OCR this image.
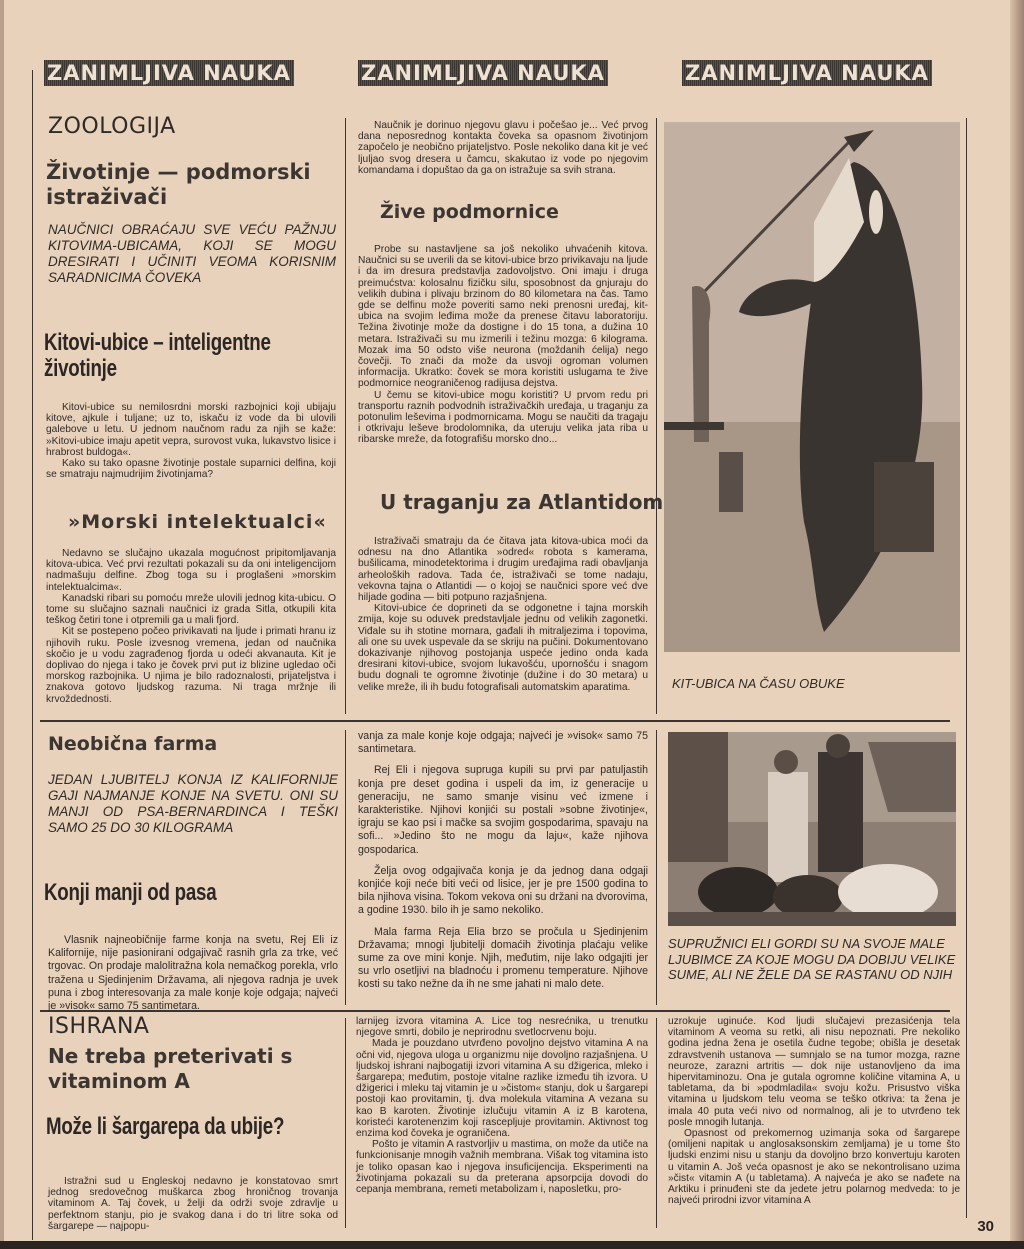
ZANIMLJIVA NAUKA	ZANIMLJIVA NAUKA	ZANIMLJIVA NAUKA
ZOOLOGIJA
Životinje — podmorski istraživači
NAUČNICI OBRAĆAJU SVE VEĆU PAŽNJU KITOVIMA-UBICAMA, KOJI SE MOGU DRESIRATI I UČINITI VEOMA KORISNIM SARADNICIMA ČOVEKA
Kitovi-ubice – inteligentne životinje

Kitovi-ubice su nemilosrdni morski razbojnici koji ubijaju kitove, ajkule i tuljane; uz to, iskaču iz vode da bi ulovili galebove u letu. U jednom naučnom radu za njih se kaže: »Kitovi-ubice imaju apetit vepra, surovost vuka, lukavstvo lisice i hrabrost buldoga«.

Kako su tako opasne životinje postale suparnici delfina, koji se smatraju najmudrijim životinjama?

»Morski intelektualci«

Nedavno se slučajno ukazala mogućnost pripitomljavanja kitova-ubica. Već prvi rezultati pokazali su da oni inteligencijom nadmašuju delfine. Zbog toga su i proglašeni »morskim intelektualcima«.

Kanadski ribari su pomoću mreže ulovili jednog kita-ubicu. O tome su slučajno saznali naučnici iz grada Sitla, otkupili kita teškog četiri tone i otpremili ga u mali fjord.

Kit se postepeno počeo privikavati na ljude i primati hranu iz njihovih ruku. Posle izvesnog vremena, jedan od naučnika skočio je u vodu zagrađenog fjorda u odeći akvanauta. Kit je doplivao do njega i tako je čovek prvi put iz blizine ugledao oči morskog razbojnika. U njima je bilo radoznalosti, prijateljstva i znakova gotovo ljudskog razuma. Ni traga mržnje ili krvoždednosti.

Naučnik je dorinuo njegovu glavu i počešao je... Već prvog dana neposrednog kontakta čoveka sa opasnom životinjom započelo je neobično prijateljstvo. Posle nekoliko dana kit je već ljuljao svog dresera u čamcu, skakutao iz vode po njegovim komandama i dopuštao da ga on istražuje sa svih strana.

Žive podmornice

Probe su nastavljene sa još nekoliko uhvaćenih kitova. Naučnici su se uverili da se kitovi-ubice brzo privikavaju na ljude i da im dresura predstavlja zadovoljstvo. Oni imaju i druga preimućstva: kolosalnu fizičku silu, sposobnost da gnjuraju do velikih dubina i plivaju brzinom do 80 kilometara na čas. Tamo gde se delfinu može poveriti samo neki prenosni uređaj, kit-ubica na svojim leđima može da prenese čitavu laboratoriju. Težina životinje može da dostigne i do 15 tona, a dužina 10 metara. Istraživači su mu izmerili i težinu mozga: 6 kilograma. Mozak ima 50 odsto više neurona (moždanih ćelija) nego čovečji. To znači da može da usvoji ogroman volumen informacija. Ukratko: čovek se mora koristiti uslugama te žive podmornice neograničenog radijusa dejstva.

U čemu se kitovi-ubice mogu koristiti? U prvom redu pri transportu raznih podvodnih istraživačkih uređaja, u traganju za potonulim leševima i podmornicama. Mogu se naučiti da tragaju i otkrivaju leševe brodolomnika, da uteruju velika jata riba u ribarske mreže, da fotografišu morsko dno...

U traganju za Atlantidom

Istraživači smatraju da će čitava jata kitova-ubica moći da odnesu na dno Atlantika »odred« robota s kamerama, bušilicama, minodetektorima i drugim uređajima radi obavljanja arheoloških radova. Tada će, istraživači se tome nadaju, vekovna tajna o Atlantidi — o kojoj se naučnici spore već dve hiljade godina — biti potpuno razjašnjena.

Kitovi-ubice će doprineti da se odgonetne i tajna morskih zmija, koje su oduvek predstavljale jednu od velikih zagonetki. Viđale su ih stotine mornara, gađali ih mitraljezima i topovima, ali one su uvek uspevale da se skriju na pučini. Dokumentovano dokazivanje njihovog postojanja uspeće jedino onda kada dresirani kitovi-ubice, svojom lukavošću, upornošću i snagom budu dognali te ogromne životinje (dužine i do 30 metara) u velike mreže, ili ih budu fotografisali automatskim aparatima.	KIT-UBICA NA ČASU OBUKE
Neobična farma
JEDAN LJUBITELJ KONJA IZ KALIFORNIJE GAJI NAJMANJE KONJE NA SVETU. ONI SU MANJI OD PSA-BERNARDINCA I TEŠKI SAMO 25 DO 30 KILOGRAMA
Konji manji od pasa

Vlasnik najneobičnije farme konja na svetu, Rej Eli iz Kalifornije, nije pasionirani odgajivač rasnih grla za trke, već trgovac. On prodaje malolitražna kola nemačkog porekla, vrlo tražena u Sjedinjenim Državama, ali njegova radnja je uvek puna i zbog interesovanja za male konje koje odgaja; najveći je »visok« samo 75 santimetara.

vanja za male konje koje odgaja; najveći je »visok« samo 75 santimetara.

Rej Eli i njegova supruga kupili su prvi par patuljastih konja pre deset godina i uspeli da im, iz generacije u generaciju, ne samo smanje visinu već izmene i karakteristike. Njihovi konjići su postali »sobne životinje«, igraju se kao psi i mačke sa svojim gospodarima, spavaju na sofi... »Jedino što ne mogu da laju«, kaže njihova gospodarica.

Želja ovog odgajivača konja je da jednog dana odgaji konjiće koji neće biti veći od lisice, jer je pre 1500 godina to bila njihova visina. Tokom vekova oni su držani na dvorovima, a godine 1930. bilo ih je samo nekoliko.

Mala farma Reja Elia brzo se pročula u Sjedinjenim Državama; mnogi ljubitelji domaćih životinja plaćaju velike sume za ove mini konje. Njih, međutim, nije lako odgajiti jer su vrlo osetljivi na bladnoću i promenu temperature. Njihove kosti su tako nežne da ih ne sme jahati ni malo dete.

SUPRUŽNICI ELI GORDI SU NA SVOJE MALE LJUBIMCE ZA KOJE MOGU DA DOBIJU VELIKE SUME, ALI NE ŽELE DA SE RASTANU OD NJIH
ISHRANA
Ne treba preterivati s vitaminom A
Može li šargarepa da ubije?

Istražni sud u Engleskoj nedavno je konstatovao smrt jednog sredovečnog muškarca zbog hroničnog trovanja vitaminom A. Taj čovek, u želji da održi svoje zdravlje u perfektnom stanju, pio je svakog dana i do tri litre soka od šargarepe — najpopu-

larnijeg izvora vitamina A. Lice tog nesrećnika, u trenutku njegove smrti, dobilo je neprirodnu svetlocrvenu boju.

Mada je pouzdano utvrđeno povoljno dejstvo vitamina A na očni vid, njegova uloga u organizmu nije dovoljno razjašnjena. U ljudskoj ishrani najbogatiji izvori vitamina A su džigerica, mleko i šargarepa; međutim, postoje vitalne razlike između tih izvora. U džigerici i mleku taj vitamin je u »čistom« stanju, dok u šargarepi postoji kao provitamin, tj. dva molekula vitamina A vezana su kao B karoten. Životinje izlučuju vitamin A iz B karotena, koristeći karotenenzim koji rascepljuje provitamin. Aktivnost tog enzima kod čoveka je ograničena.

Pošto je vitamin A rastvorljiv u mastima, on može da utiče na funkcionisanje mnogih važnih membrana. Višak tog vitamina isto je toliko opasan kao i njegova insuficijencija. Eksperimenti na životinjama pokazali su da preterana apsorpcija dovodi do cepanja membrana, remeti metabolizam i, naposletku, pro-

uzrokuje uginuće. Kod ljudi slučajevi prezasićenja tela vitaminom A veoma su retki, ali nisu nepoznati. Pre nekoliko godina jedna žena je osetila čudne tegobe; obišla je desetak zdravstvenih ustanova — sumnjalo se na tumor mozga, razne neuroze, zarazni artritis — dok nije ustanovljeno da ima hipervitaminozu. Ona je gutala ogromne količine vitamina A, u tabletama, da bi »podmladila« svoju kožu. Prisustvo viška vitamina u ljudskom telu veoma se teško otkriva: ta žena je imala 40 puta veći nivo od normalnog, ali je to utvrđeno tek posle mnogih lutanja.

Opasnost od prekomernog uzimanja soka od šargarepe (omiljeni napitak u anglosaksonskim zemljama) je u tome što ljudski enzimi nisu u stanju da dovoljno brzo konvertuju karoten u vitamin A. Još veća opasnost je ako se nekontrolisano uzima »čist« vitamin A (u tabletama). A najveća je ako se nađete na Arktiku i prinuđeni ste da jedete jetru polarnog medveda: to je najveći prirodni izvor vitamina A

30
